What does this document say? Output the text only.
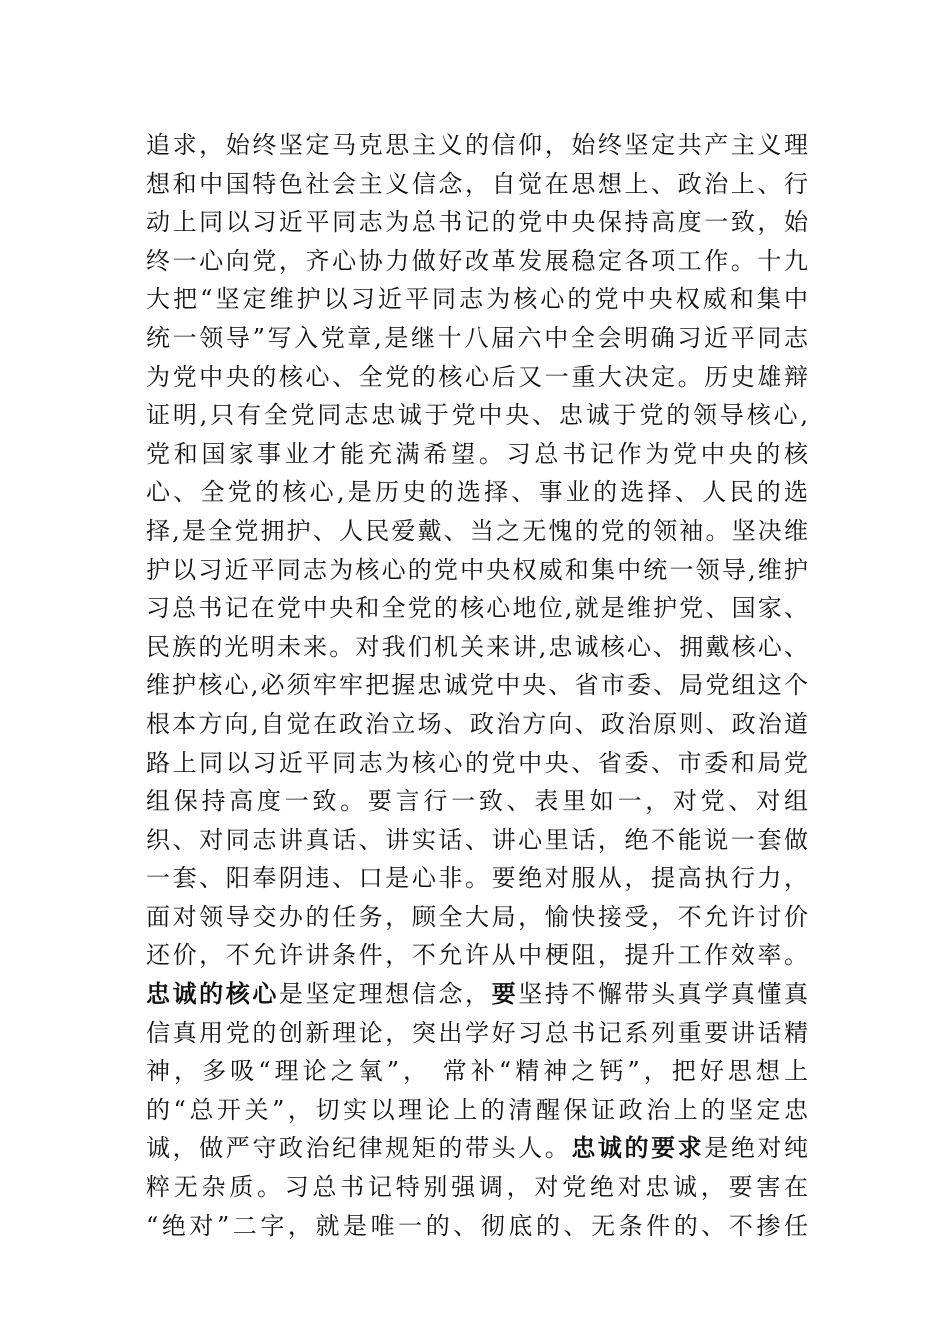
追求，始终坚定马克思主义的信仰，始终坚定共产主义理
想和中国特色社会主义信念，自觉在思想上、政治上、行
动上同以习近平同志为总书记的党中央保持高度一致，始
终一心向党，齐心协力做好改革发展稳定各项工作。十九
大把“坚定维护以习近平同志为核心的党中央权威和集中
统一领导”写入党章,是继十八届六中全会明确习近平同志
为党中央的核心、全党的核心后又一重大决定。历史雄辩
证明,只有全党同志忠诚于党中央、忠诚于党的领导核心,
党和国家事业才能充满希望。习总书记作为党中央的核
心、全党的核心,是历史的选择、事业的选择、人民的选
择,是全党拥护、人民爱戴、当之无愧的党的领袖。坚决维
护以习近平同志为核心的党中央权威和集中统一领导,维护
习总书记在党中央和全党的核心地位,就是维护党、国家、
民族的光明未来。对我们机关来讲,忠诚核心、拥戴核心、
维护核心,必须牢牢把握忠诚党中央、省市委、局党组这个
根本方向,自觉在政治立场、政治方向、政治原则、政治道
路上同以习近平同志为核心的党中央、省委、市委和局党
组保持高度一致。要言行一致、表里如一，对党、对组
织、对同志讲真话、讲实话、讲心里话，绝不能说一套做
一套、阳奉阴违、口是心非。要绝对服从，提高执行力，
面对领导交办的任务，顾全大局，愉快接受，不允许讨价
还价，不允许讲条件，不允许从中梗阻，提升工作效率。
忠诚的核心是坚定理想信念，要坚持不懈带头真学真懂真
信真用党的创新理论，突出学好习总书记系列重要讲话精
神，多吸“理论之氧”， 常补“精神之钙”，把好思想上
的“总开关”，切实以理论上的清醒保证政治上的坚定忠
诚，做严守政治纪律规矩的带头人。忠诚的要求是绝对纯
粹无杂质。习总书记特别强调，对党绝对忠诚，要害在
“绝对”二字，就是唯一的、彻底的、无条件的、不掺任
